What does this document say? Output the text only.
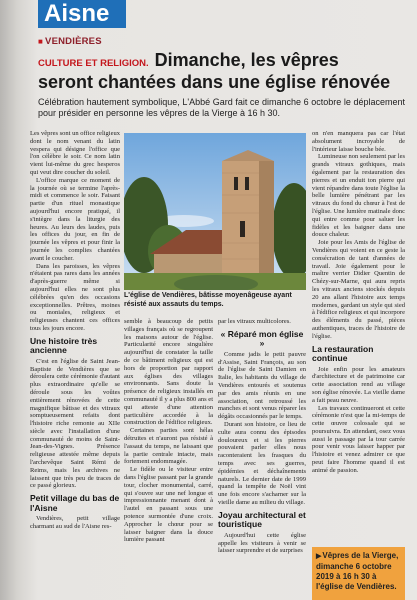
Aisne
■ VENDIÈRES
CULTURE ET RELIGION. Dimanche, les vêpres
seront chantées dans une église rénovée
Célébration hautement symbolique, L'Abbé Gard fait ce dimanche 6 octobre le déplacement pour présider en personne les vêpres de la Vierge à 16 h 30.
L'église de Vendières, bâtisse moyenâgeuse ayant résisté aux assauts du temps.

Les vêpres sont un office religieux dont le nom venant du latin vespera qui désigne l'office que l'on célèbre le soir. Ce nom latin vient lui-même du grec hesperos qui veut dire coucher du soleil.

L'office marque ce moment de la journée où se termine l'après-midi et commence le soir. Faisant partie d'un rituel monastique aujourd'hui encore pratiqué, il s'intègre dans la liturgie des heures. Au leurs des laudes, puis les offices du jour, en fin de journée les vêpres et pour finir la journée les complies chantées avant le coucher.

Dans les paroisses, les vêpres n'étaient pas rares dans les années d'après-guerre même si aujourd'hui elles ne sont plus célébrées qu'en des occasions exceptionnelles. Prêtres, moines ou moniales, religieux et religieuses chantent ces offices tous les jours encore.

Une histoire très ancienne

C'est en l'église de Saint Jean-Baptiste de Vendières que se déroulera cette cérémonie d'autant plus extraordinaire qu'elle se déroule sous les voûtes entièrement rénovées de cette magnifique bâtisse et des vitraux somptueusement refaits dont l'histoire riche remonte au XIIe siècle avec l'installation d'une communauté de moins de Saint-Jean-des-Vignes. Présence religieuse attestée même depuis l'archevêque Saint Rémi de Reims, mais les archives ne laissent que très peu de traces de ce passé glorieux.

Petit village du bas de l'Aisne

Vendières, petit village charmant au sud de l'Aisne res-

semble à beaucoup de petits villages français où se regroupent les maisons autour de l'église. Particularité encore singulière aujourd'hui de constater la taille de ce bâtiment religieux qui est hors de proportion par rapport aux églises des villages environnants. Sans doute la présence de religieux installés en communauté il y a plus 800 ans et qui atteste d'une attention particulière accordée à la construction de l'édifice religieux.

Certaines parties sont hélas détruites et n'auront pas résisté à l'assaut du temps, ne laissant que la partie centrale intacte, mais fortement endommagée.

Le fidèle ou le visiteur entre dans l'église passant par la grande tour, clocher monumental, carré, qui s'ouvre sur une nef longue et impressionnante menant dont à l'autel en passant sous une potence surmontée d'une croix. Approcher le chœur pour se laisser baigner dans la douce lumière passant

par les vitraux multicolores.

« Réparé mon église »

Comme jadis le petit pauvre d'Assise, Saint François, au son de l'église de Saint Damien en Italie, les habitants du village de Vendières entourés et soutenus par des amis réunis en une association, ont retroussé les manches et sont venus réparer les dégâts occasionnés par le temps.

Durant son histoire, ce lieu de culte aura connu des épisodes douloureux et si les pierres pouvaient parler elles nous raconteraient les frasques du temps avec ses guerres, épidémies et déchaînements naturels. Le dernier date de 1999 quand la tempête de Noël vint une fois encore s'acharner sur la vieille dame au milieu du village.

Joyau architectural et touristique

Aujourd'hui cette église appelle les visiteurs à venir se laisser surprendre et de surprises

on n'en manquera pas car l'état absolument incroyable de l'intérieur laisse bouche bée.

Lumineuse non seulement par les grands vitraux gothiques, mais également par la restauration des pierres et un enduit ton pierre qui vient répandre dans toute l'église la belle lumière pénétrant par les vitraux du fond du chœur à l'est de l'église. Une lumière matinale donc qui entre comme pour saluer les fidèles et les baigner dans une douce chaleur.

Joie pour les Amis de l'église de Vendières qui voient en ce geste la consécration de tant d'années de travail. Joie également pour le maître verrier Didier Quentin de Chézy-sur-Marne, qui aura repris les vitraux anciens stockés depuis 20 ans allant l'histoire aux temps modernes, gardant un style qui sied à l'édifice religieux et qui incorpore des éléments du passé, pièces authentiques, traces de l'histoire de l'église.

La restauration continue

Joie enfin pour les amateurs d'architecture et de patrimoine car cette association rend au village son église rénovée. La vieille dame a fait peau neuve.

Les travaux continueront et cette cérémonie n'est que la mi-temps de cette œuvre colossale qui se poursuivra. En attendant, osez vous aussi le passage par la tour carrée pour venir vous laisser happer par l'histoire et venez admirer ce que peut faire l'homme quand il est animé de passion.

▶Vêpres de la Vierge, dimanche 6 octobre 2019 à 16 h 30 à l'église de Vendières.
